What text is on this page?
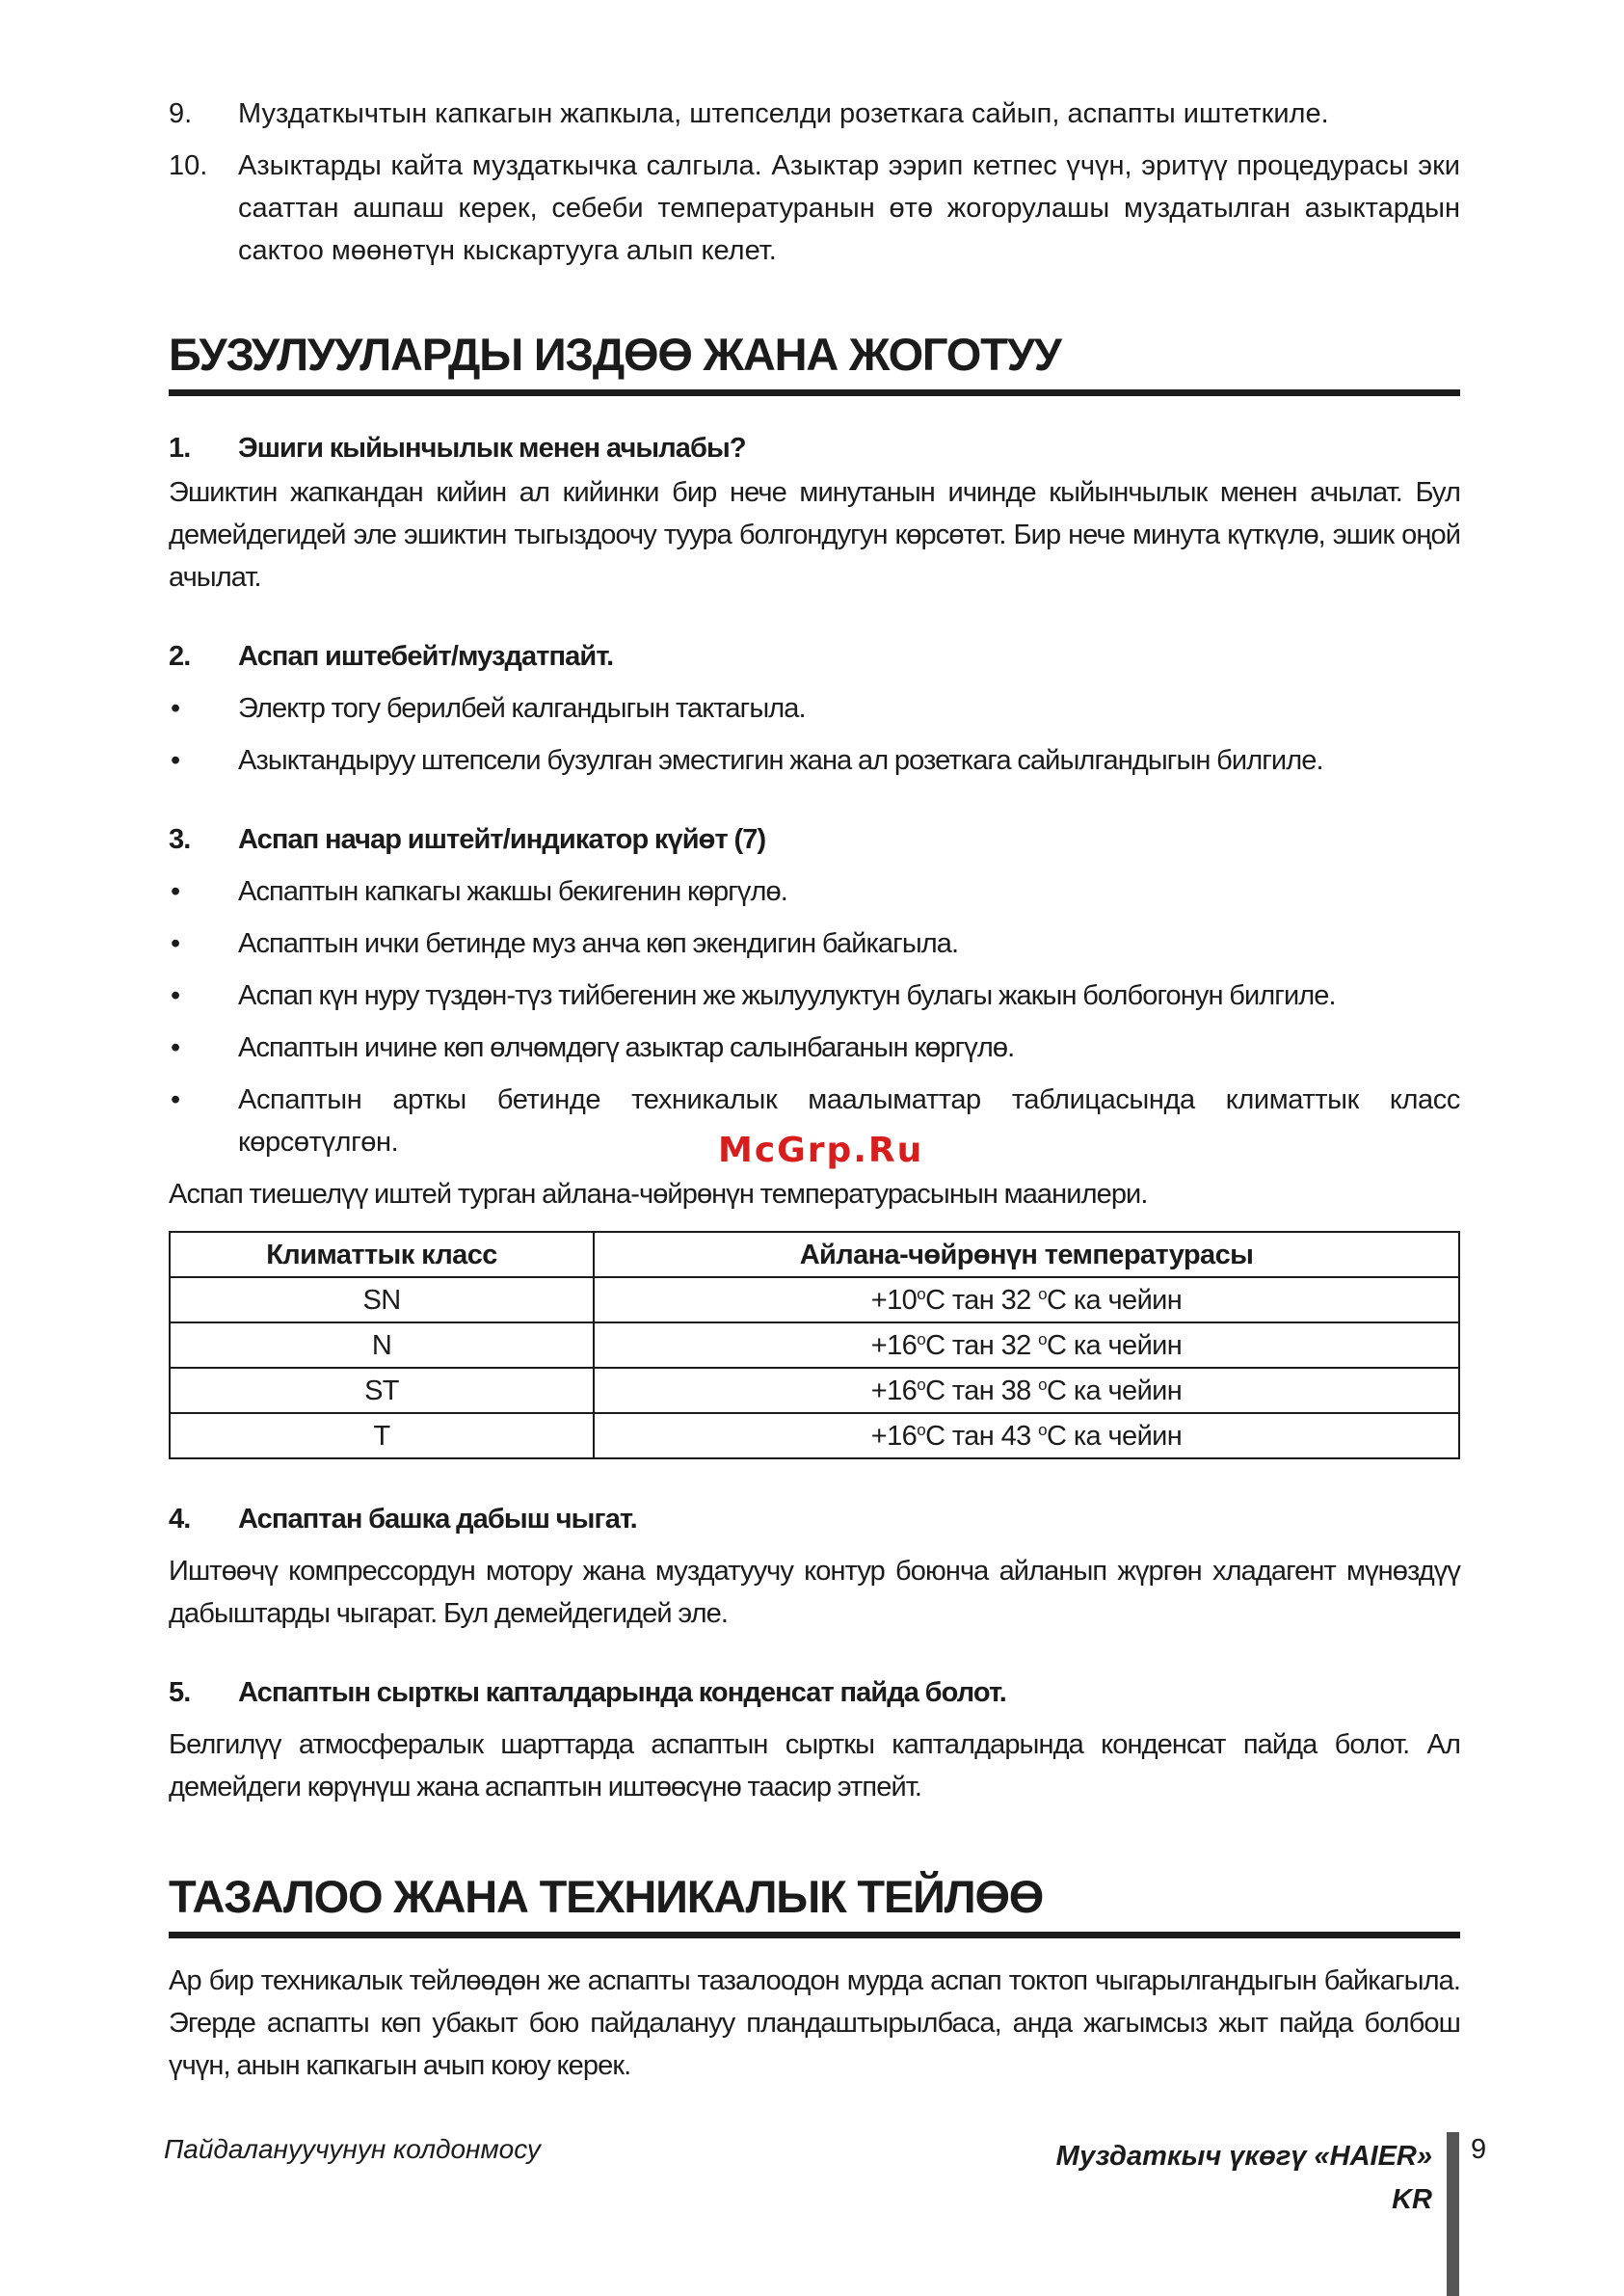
9. Муздаткычтын капкагын жапкыла, штепселди розеткага сайып, аспапты иштеткиле.
10. Азыктарды кайта муздаткычка салгыла. Азыктар ээрип кетпес үчүн, эритүү процедурасы эки сааттан ашпаш керек, себеби температуранын өтө жогорулашы муздатылган азыктардын сактоо мөөнөтүн кыскартууга алып келет.
БУЗУЛУУЛАРДЫ ИЗДӨӨ ЖАНА ЖОГОТУУ
1. Эшиги кыйынчылык менен ачылабы?
Эшиктин жапкандан кийин ал кийинки бир нече минутанын ичинде кыйынчылык менен ачылат. Бул демейдегидей эле эшиктин тыгыздоочу туура болгондугун көрсөтөт. Бир нече минута күткүлө, эшик оңой ачылат.
2. Аспап иштебейт/муздатпайт.
• Электр тогу берилбей калгандыгын тактагыла.
• Азыктандыруу штепсели бузулган эместигин жана ал розеткага сайылгандыгын билгиле.
3. Аспап начар иштейт/индикатор күйөт (7)
• Аспаптын капкагы жакшы бекигенин көргүлө.
• Аспаптын ички бетинде муз анча көп экендигин байкагыла.
• Аспап күн нуру түздөн-түз тийбегенин же жылуулуктун булагы жакын болбогонун билгиле.
• Аспаптын ичине көп өлчөмдөгү азыктар салынбаганын көргүлө.
• Аспаптын арткы бетинде техникалык маалыматтар таблицасында климаттык класс көрсөтүлгөн.
Аспап тиешелүү иштей турган айлана-чөйрөнүн температурасынын маанилери.
Климаттык класс	Айлана-чөйрөнүн температурасы
SN	$+10^oC$ тан 32 $^o$C ка чейин
N	$+16^oC$ тан 32 $^o$C ка чейин
ST	$+16^oC$ тан 38 $^o$C ка чейин
T	$+16^oC$ тан 43 $^o$C ка чейин
4. Аспаптан башка дабыш чыгат.
Иштөөчү компрессордун мотору жана муздатуучу контур боюнча айланып жүргөн хладагент мүнөздүү дабыштарды чыгарат. Бул демейдегидей эле.
5. Аспаптын сырткы капталдарында конденсат пайда болот.
Белгилүү атмосфералык шарттарда аспаптын сырткы капталдарында конденсат пайда болот. Ал демейдеги көрүнүш жана аспаптын иштөөсүнө таасир этпейт.
ТАЗАЛОО ЖАНА ТЕХНИКАЛЫК ТЕЙЛӨӨ
Ар бир техникалык тейлөөдөн же аспапты тазалоодон мурда аспап токтоп чыгарылгандыгын байкагыла. Эгерде аспапты көп убакыт бою пайдалануу пландаштырылбаса, анда жагымсыз жыт пайда болбош үчүн, анын капкагын ачып коюу керек.
McGrp.Ru
Пайдалануучунун колдонмосу	Муздаткыч үкөгү «HAIER»
KR
9
